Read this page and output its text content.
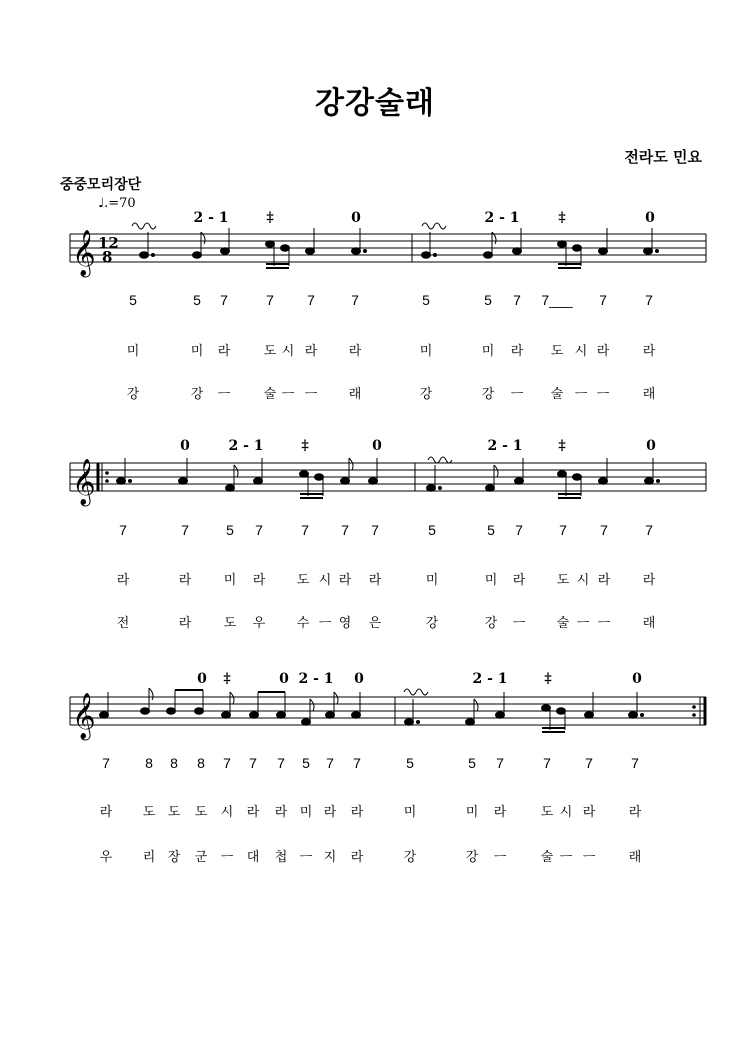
강강술래
전라도 민요
중중모리장단
♩.=70
𝄞
𝄞
𝄞
12
8
2 - 1	‡	0	2 - 1	‡	0
5	5 7	7 7	7	5	5 7 7___ 7	7
미	미 라	도 시 라 라	미	미 라 도 시 라	라
강	강 ㅡ	술 ㅡ ㅡ 래	강	강 ㅡ 술 ㅡ ㅡ	래
0	2 - 1	‡	0	2 - 1	‡	0
7	7	5 7	7 7 7	5	5 7	7 7	7
라	라 미 라 도 시 라 라	미	미 라 도 시 라 라
전	라 도 우 수 ㅡ 영 은	강	강 ㅡ 술 ㅡ ㅡ 래
0 ‡	0 2 - 1 0	2 - 1	‡	0
7	8 8 8 7 7 7 5 7 7	5	5 7	7 7	7
라 도 도 도 시 라 라 미 라 라	미	미 라	도 시 라	라
우 리 장 군 ㅡ 대 첩 ㅡ 지 라	강	강 ㅡ	술 ㅡ ㅡ	래
